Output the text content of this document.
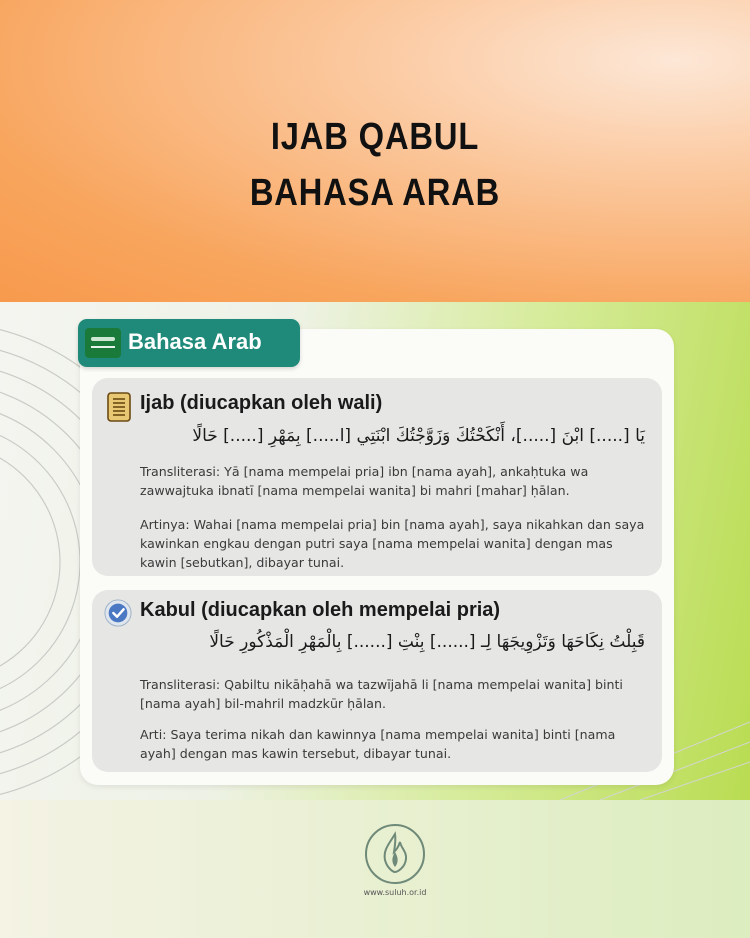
IJAB QABUL
BAHASA ARAB
Bahasa Arab
Ijab (diucapkan oleh wali)
يَا [.....] ابْنَ [.....]، أَنْكَحْتُكَ وَزَوَّجْتُكَ ابْنَتِي [ا.....] بِمَهْرِ [.....] حَالًا
Transliterasi: Yā [nama mempelai pria] ibn [nama ayah], ankaḥtuka wa zawwajtuka ibnatī [nama mempelai wanita] bi mahri [mahar] ḥālan.
Artinya: Wahai [nama mempelai pria] bin [nama ayah], saya nikahkan dan saya kawinkan engkau dengan putri saya [nama mempelai wanita] dengan mas kawin [sebutkan], dibayar tunai.
Kabul (diucapkan oleh mempelai pria)
قَبِلْتُ نِكَاحَهَا وَتَزْوِيجَهَا لِـ [......] بِنْتِ [......] بِالْمَهْرِ الْمَذْكُورِ حَالًا
Transliterasi: Qabiltu nikāḥahā wa tazwījahā li [nama mempelai wanita] binti [nama ayah] bil-mahril madzkūr ḥālan.
Arti: Saya terima nikah dan kawinnya [nama mempelai wanita] binti [nama ayah] dengan mas kawin tersebut, dibayar tunai.
www.suluh.or.id
